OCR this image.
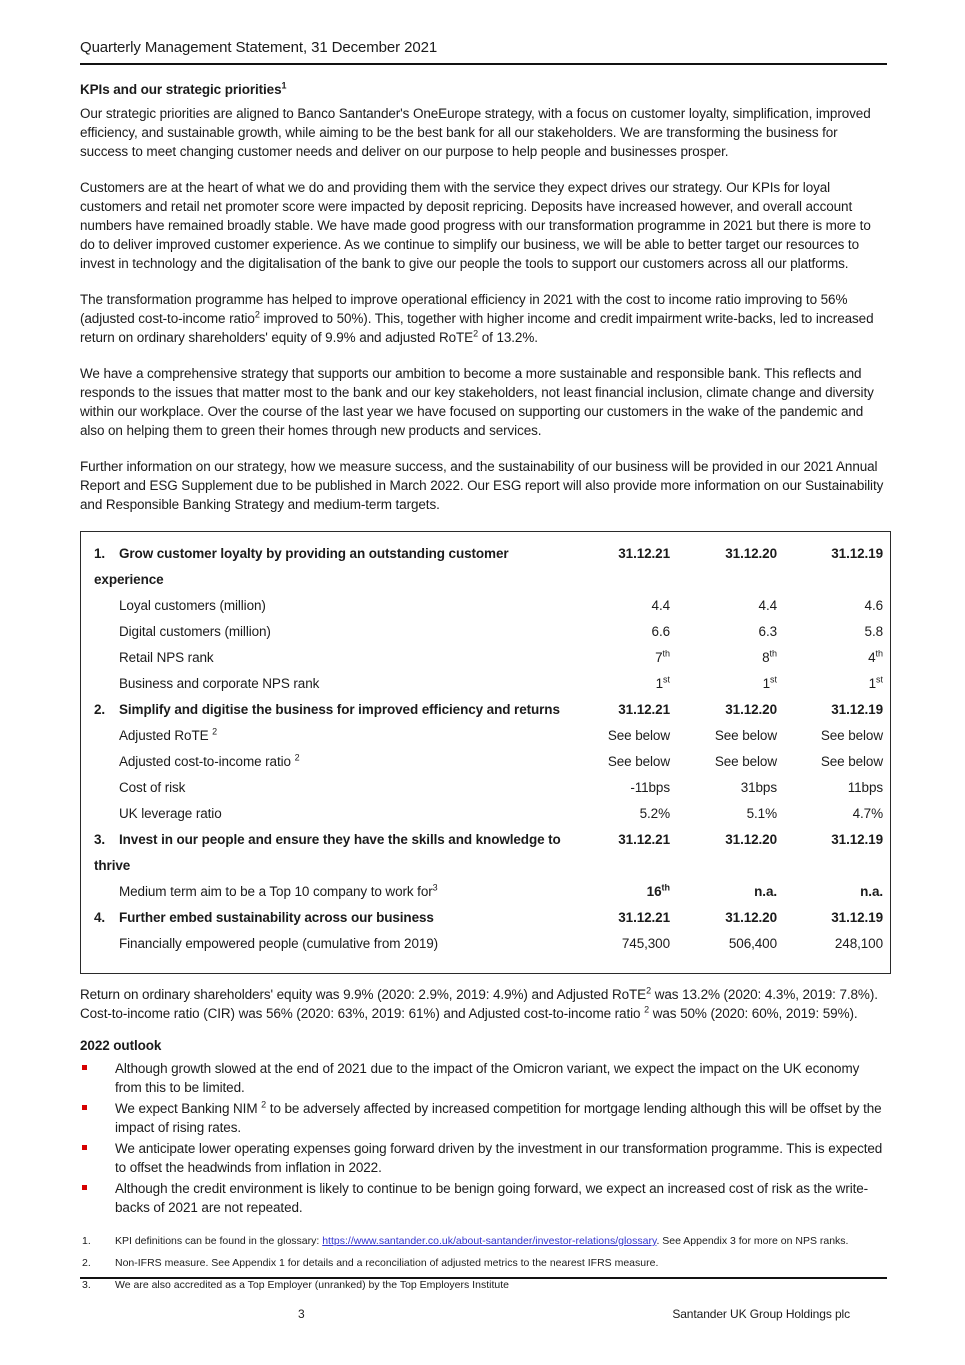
Quarterly Management Statement, 31 December 2021
KPIs and our strategic priorities$^1$

Our strategic priorities are aligned to Banco Santander's OneEurope strategy, with a focus on customer loyalty, simplification, improved efficiency, and sustainable growth, while aiming to be the best bank for all our stakeholders. We are transforming the business for success to meet changing customer needs and deliver on our purpose to help people and businesses prosper.

Customers are at the heart of what we do and providing them with the service they expect drives our strategy. Our KPIs for loyal customers and retail net promoter score were impacted by deposit repricing. Deposits have increased however, and overall account numbers have remained broadly stable. We have made good progress with our transformation programme in 2021 but there is more to do to deliver improved customer experience. As we continue to simplify our business, we will be able to better target our resources to invest in technology and the digitalisation of the bank to give our people the tools to support our customers across all our platforms.

The transformation programme has helped to improve operational efficiency in 2021 with the cost to income ratio improving to 56% (adjusted cost-to-income ratio$^2$ improved to 50%). This, together with higher income and credit impairment write-backs, led to increased return on ordinary shareholders' equity of 9.9% and adjusted RoTE$^2$ of 13.2%.

We have a comprehensive strategy that supports our ambition to become a more sustainable and responsible bank. This reflects and responds to the issues that matter most to the bank and our key stakeholders, not least financial inclusion, climate change and diversity within our workplace. Over the course of the last year we have focused on supporting our customers in the wake of the pandemic and also on helping them to green their homes through new products and services.

Further information on our strategy, how we measure success, and the sustainability of our business will be provided in our 2021 Annual Report and ESG Supplement due to be published in March 2022. Our ESG report will also provide more information on our Sustainability and Responsible Banking Strategy and medium-term targets.

1. Grow customer loyalty by providing an outstanding customer experience
31.12.21	31.12.20	31.12.19
Loyal customers (million)	4.4	4.4	4.6
Digital customers (million)	6.6	6.3	5.8
Retail NPS rank	7th	8th	4th
Business and corporate NPS rank	1st	1st	1st
2. Simplify and digitise the business for improved efficiency and returns	31.12.21	31.12.20	31.12.19
Adjusted RoTE $^2$	See below	See below	See below
Adjusted cost-to-income ratio $^2$	See below	See below	See below
Cost of risk	-11bps	31bps	11bps
UK leverage ratio	5.2%	5.1%	4.7%
3. Invest in our people and ensure they have the skills and knowledge to thrive
31.12.21	31.12.20	31.12.19
Medium term aim to be a Top 10 company to work for$^3$	16th	n.a.	n.a.
4. Further embed sustainability across our business	31.12.21	31.12.20	31.12.19
Financially empowered people (cumulative from 2019)	745,300	506,400	248,100

Return on ordinary shareholders' equity was 9.9% (2020: 2.9%, 2019: 4.9%) and Adjusted RoTE$^2$ was 13.2% (2020: 4.3%, 2019: 7.8%). Cost-to-income ratio (CIR) was 56% (2020: 63%, 2019: 61%) and Adjusted cost-to-income ratio $^2$ was 50% (2020: 60%, 2019: 59%).

2022 outlook
Although growth slowed at the end of 2021 due to the impact of the Omicron variant, we expect the impact on the UK economy from this to be limited.
We expect Banking NIM $^2$ to be adversely affected by increased competition for mortgage lending although this will be offset by the impact of rising rates.
We anticipate lower operating expenses going forward driven by the investment in our transformation programme. This is expected to offset the headwinds from inflation in 2022.
Although the credit environment is likely to continue to be benign going forward, we expect an increased cost of risk as the write-backs of 2021 are not repeated.
1. KPI definitions can be found in the glossary: https://www.santander.co.uk/about-santander/investor-relations/glossary. See Appendix 3 for more on NPS ranks.
2. Non-IFRS measure. See Appendix 1 for details and a reconciliation of adjusted metrics to the nearest IFRS measure.
3. We are also accredited as a Top Employer (unranked) by the Top Employers Institute
3	Santander UK Group Holdings plc
